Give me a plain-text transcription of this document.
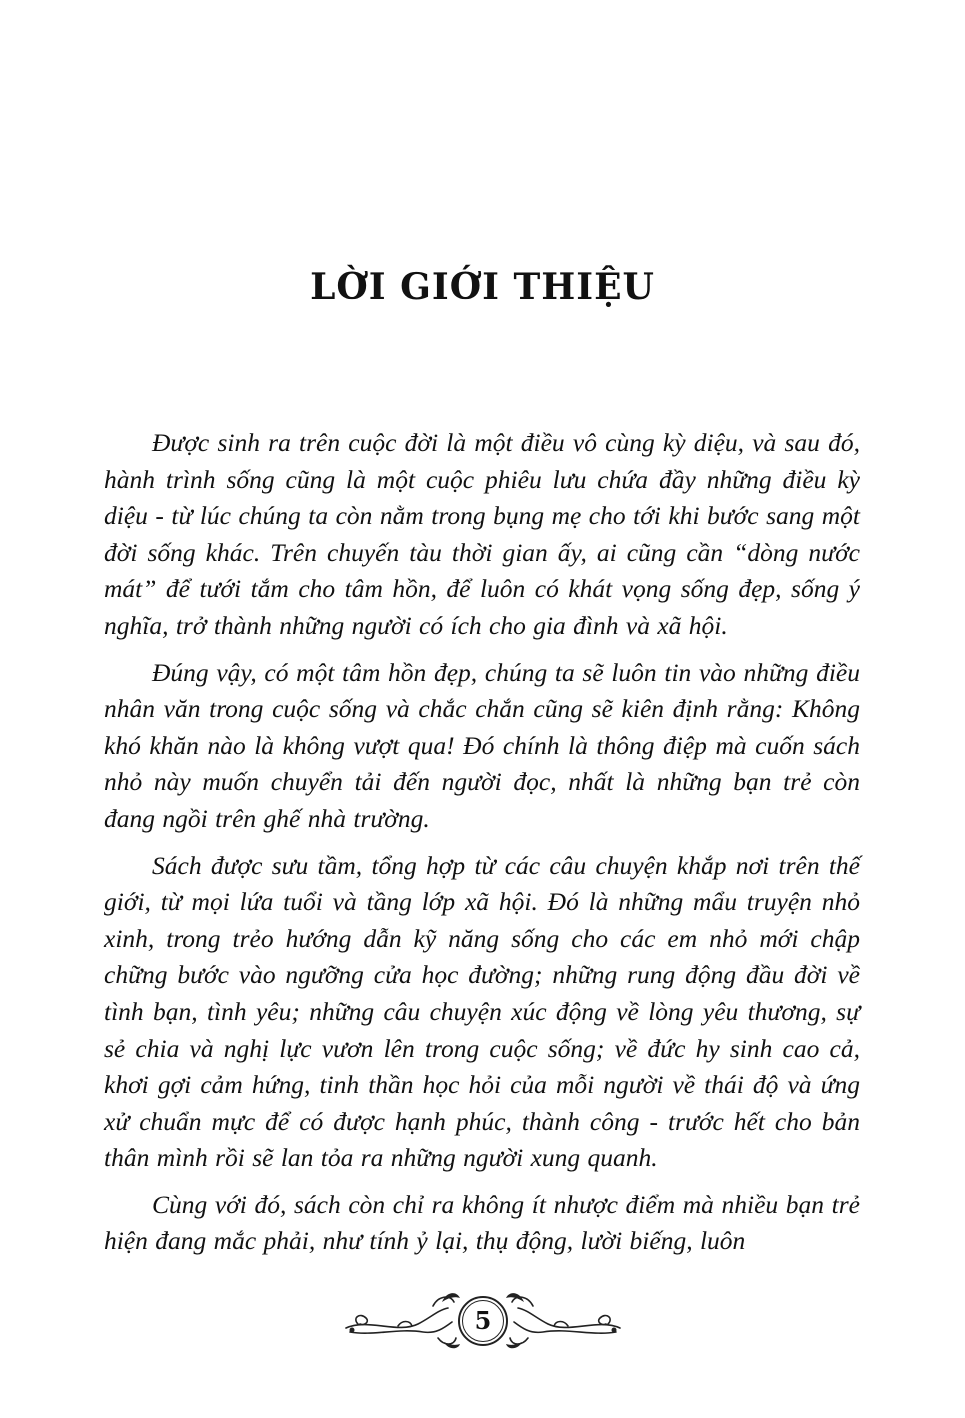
LỜI GIỚI THIỆU

Được sinh ra trên cuộc đời là một điều vô cùng kỳ diệu, và sau đó, hành trình sống cũng là một cuộc phiêu lưu chứa đầy những điều kỳ diệu - từ lúc chúng ta còn nằm trong bụng mẹ cho tới khi bước sang một đời sống khác. Trên chuyến tàu thời gian ấy, ai cũng cần “dòng nước mát” để tưới tắm cho tâm hồn, để luôn có khát vọng sống đẹp, sống ý nghĩa, trở thành những người có ích cho gia đình và xã hội.

Đúng vậy, có một tâm hồn đẹp, chúng ta sẽ luôn tin vào những điều nhân văn trong cuộc sống và chắc chắn cũng sẽ kiên định rằng: Không khó khăn nào là không vượt qua! Đó chính là thông điệp mà cuốn sách nhỏ này muốn chuyển tải đến người đọc, nhất là những bạn trẻ còn đang ngồi trên ghế nhà trường.

Sách được sưu tầm, tổng hợp từ các câu chuyện khắp nơi trên thế giới, từ mọi lứa tuổi và tầng lớp xã hội. Đó là những mẩu truyện nhỏ xinh, trong trẻo hướng dẫn kỹ năng sống cho các em nhỏ mới chập chững bước vào ngưỡng cửa học đường; những rung động đầu đời về tình bạn, tình yêu; những câu chuyện xúc động về lòng yêu thương, sự sẻ chia và nghị lực vươn lên trong cuộc sống; về đức hy sinh cao cả, khơi gợi cảm hứng, tinh thần học hỏi của mỗi người về thái độ và ứng xử chuẩn mực để có được hạnh phúc, thành công - trước hết cho bản thân mình rồi sẽ lan tỏa ra những người xung quanh.

Cùng với đó, sách còn chỉ ra không ít nhược điểm mà nhiều bạn trẻ hiện đang mắc phải, như tính ỷ lại, thụ động, lười biếng, luôn

5
